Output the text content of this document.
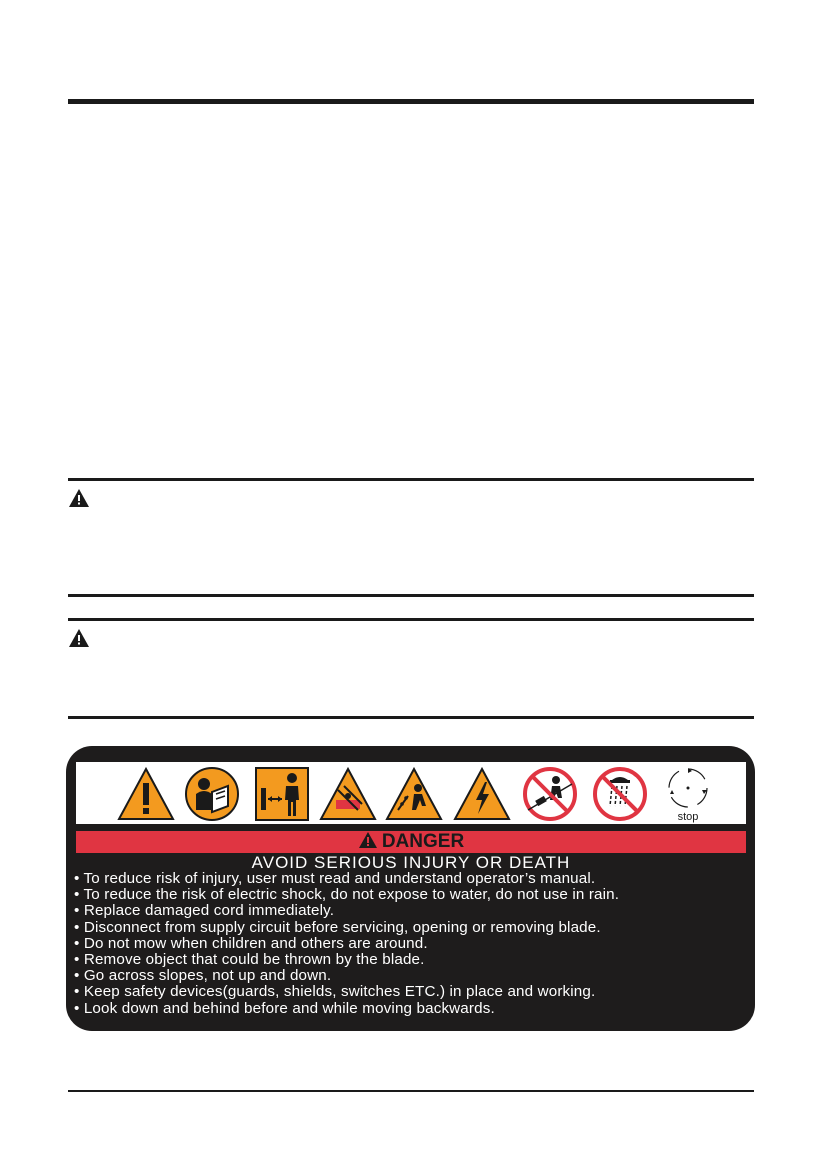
stop
DANGER
AVOID SERIOUS INJURY OR DEATH
• To reduce risk of injury, user must read and understand operator’s manual.
• To reduce the risk of electric shock, do not expose to water, do not use in rain.
• Replace damaged cord immediately.
• Disconnect from supply circuit before servicing, opening or removing blade.
• Do not mow when children and others are around.
• Remove object that could be thrown by the blade.
• Go across slopes, not up and down.
• Keep safety devices(guards, shields, switches ETC.) in place and working.
• Look down and behind before and while moving backwards.
